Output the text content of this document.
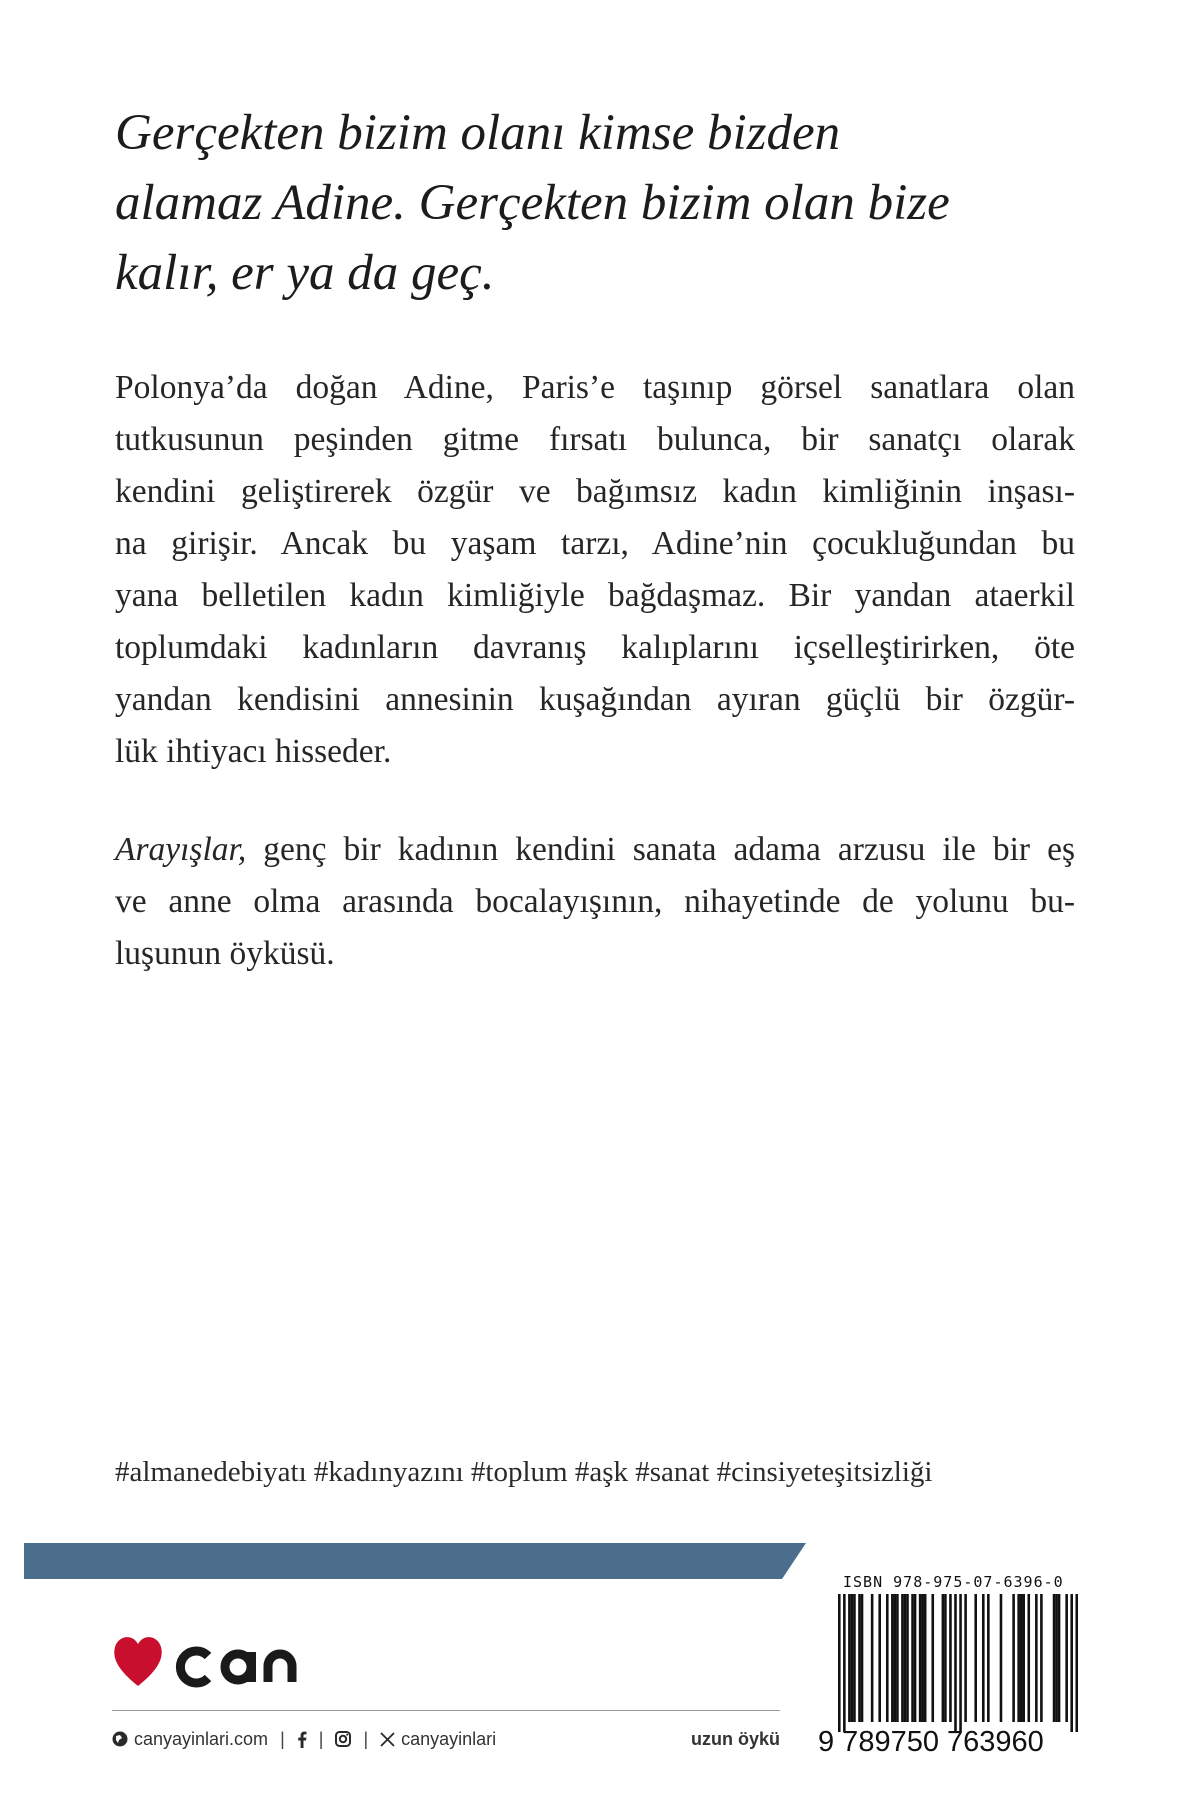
Gerçekten bizim olanı kimse bizden
alamaz Adine. Gerçekten bizim olan bize
kalır, er ya da geç.
Polonya’da doğan Adine, Paris’e taşınıp görsel sanatlara olan
tutkusunun peşinden gitme fırsatı bulunca, bir sanatçı olarak
kendini geliştirerek özgür ve bağımsız kadın kimliğinin inşası-
na girişir. Ancak bu yaşam tarzı, Adine’nin çocukluğundan bu
yana belletilen kadın kimliğiyle bağdaşmaz. Bir yandan ataerkil
toplumdaki kadınların davranış kalıplarını içselleştirirken, öte
yandan kendisini annesinin kuşağından ayıran güçlü bir özgür-
lük ihtiyacı hisseder.
Arayışlar, genç bir kadının kendini sanata adama arzusu ile bir eş
ve anne olma arasında bocalayışının, nihayetinde de yolunu bu-
luşunun öyküsü.
#almanedebiyatı #kadınyazını #toplum #aşk #sanat #cinsiyeteşitsizliği
canyayinlari.com | | | canyayinlari	uzun öykü
ISBN 978-975-07-6396-0
9 789750 763960
